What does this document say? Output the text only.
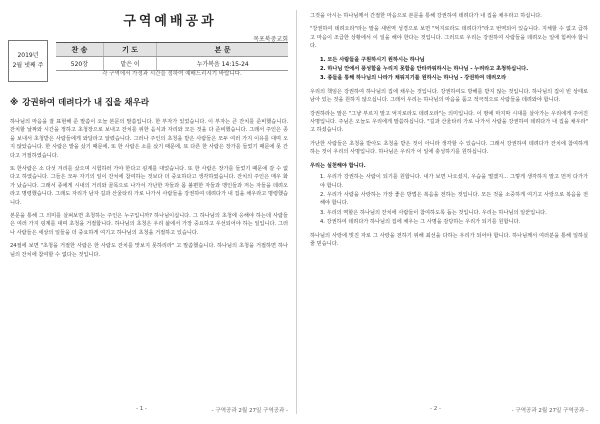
구역예배공과
목포북중교회
2019년
2월 넷째 주
찬 송	기 도	본 문
520장	맡은 이	누가복음 14:15-24
각 구역에서 가정과 시간을 정하여 예배드리시기 바랍니다.
※ 강권하여 데려다가 내 집을 채우라

하나님의 마음을 잘 표현해 준 말씀이 오늘 본문의 말씀입니다. 한 부자가 있었습니다. 이 부자는 큰 잔치를 준비했습니다. 잔치할 날짜와 시간을 정하고 초청장으로 보내고 잔치를 위한 음식과 자리와 모든 것을 다 준비했습니다. 그래서 주인은 종을 보내서 초청받은 사람들에게 와달라고 알렸습니다. 그러나 주인의 초청을 받은 사람들은 모두 여러 가지 이유를 대며 오지 않았습니다. 한 사람은 밭을 샀기 때문에, 또 한 사람은 소를 샀기 때문에, 또 다른 한 사람은 장가를 들었기 때문에 못 간다고 거절하였습니다.

또 한사람은 소 다섯 겨리를 샀으며 시험하러 가야 한다고 핑계를 대었습니다. 또 한 사람은 장가를 들었기 때문에 갈 수 없다고 하였습니다. 그들은 모두 자기의 일이 잔치에 참여하는 것보다 더 중요하다고 생각하였습니다. 잔치의 주인은 매우 화가 났습니다. 그래서 종에게 시내의 거리와 골목으로 나가서 가난한 자들과 몸 불편한 자들과 맹인들과 저는 자들을 데려오라고 명령했습니다. 그래도 자리가 남자 길과 산울타리 가로 나가서 사람들을 강권하여 데려다가 내 집을 채우라고 명령했습니다.

본문을 통해 그 의미를 살펴보면 초청하는 주인은 누구입니까? 하나님이십니다. 그 하나님의 초청에 응해야 하는데 사람들은 여러 가지 핑계를 대며 초청을 거절합니다. 하나님의 초청은 우리 삶에서 가장 중요하고 우선되어야 하는 일입니다. 그러나 사람들은 세상의 일들을 더 중요하게 여기고 하나님의 초청을 거절하고 있습니다.

24절에 보면 "초청을 거절한 사람은 한 사람도 잔치를 맛보지 못하리라" 고 말씀했습니다. 하나님의 초청을 거절하면 하나님의 잔치에 참여할 수 없다는 것입니다.

- 1 -	- 구역공과 2월 27일 구역공과 -

그것을 아시는 하나님께서 간절한 마음으로 본문을 통해 강권하여 데려다가 내 집을 채우라고 하십니다.

"강권하여 데려오라"라는 말을 새번역 성경으로 보면 "억지로라도 데려다가"라고 번역되어 있습니다. 지체할 수 없고 급하고 마음이 조급한 상황에서 이 일을 해야 한다는 것입니다. 그러므로 우리는 강권하여 사람들을 데려오는 일에 힘써야 합니다.

1. 모든 사람들을 구원하시기 원하시는 하나님
2. 하나님 안에서 풍성함을 누리지 못함을 안타까워하시는 하나님 - 누려라고 초청하십니다.
3. 종들을 통해 하나님의 나라가 채워지기를 원하시는 하나님 - 강권하여 데려오라

우리의 책임은 강권하여 하나님의 집에 채우는 것입니다. 강권하여도 방해를 받지 않는 것입니다. 하나님의 집이 빈 상태로 남아 있는 것을 원하지 않으십니다. 그래서 우리는 하나님의 마음을 품고 적극적으로 사람들을 데려와야 합니다.

강권하라는 말은 "그냥 부르지 말고 억지로라도 데려오라"는 의미입니다. 이 땅에 마지막 시대를 살아가는 우리에게 주어진 사명입니다. 주님은 오늘도 우리에게 말씀하십니다. "길과 산울타리 가로 나가서 사람을 강권하여 데려다가 내 집을 채우라" 고 하셨습니다.

가난한 사람들은 초청을 받아도 초청을 받은 것이 아니라 생각할 수 있습니다. 그래서 강권하여 데려다가 잔치에 참여하게 하는 것이 우리의 사명입니다. 하나님은 우리가 이 일에 충성하기를 원하십니다.

우리는 실천해야 합니다.
1. 우리가 강권하는 사람이 되기를 원합니다. 내가 보면 나오셨지, 우습을 떨겠지... 그렇게 생각하지 말고 먼저 다가가야 합니다.
2. 우리가 사람을 사랑하는 가장 좋은 방법은 복음을 전하는 것입니다. 모든 것을 소중하게 여기고 사랑으로 복음을 전해야 합니다.
3. 우리의 역할은 하나님의 잔치에 사람들이 참여하도록 돕는 것입니다. 우리는 하나님의 일꾼입니다.
4. 강권하여 데려다가 하나님의 집에 채우는 그 사명을 감당하는 우리가 되기를 원합니다.

하나님의 사랑에 빚진 자로 그 사랑을 전하기 위해 최선을 다하는 우리가 되어야 합니다. 하나님께서 여러분을 통해 일하실 줄 믿습니다.

- 2 -	- 구역공과 2월 27일 구역공과 -
